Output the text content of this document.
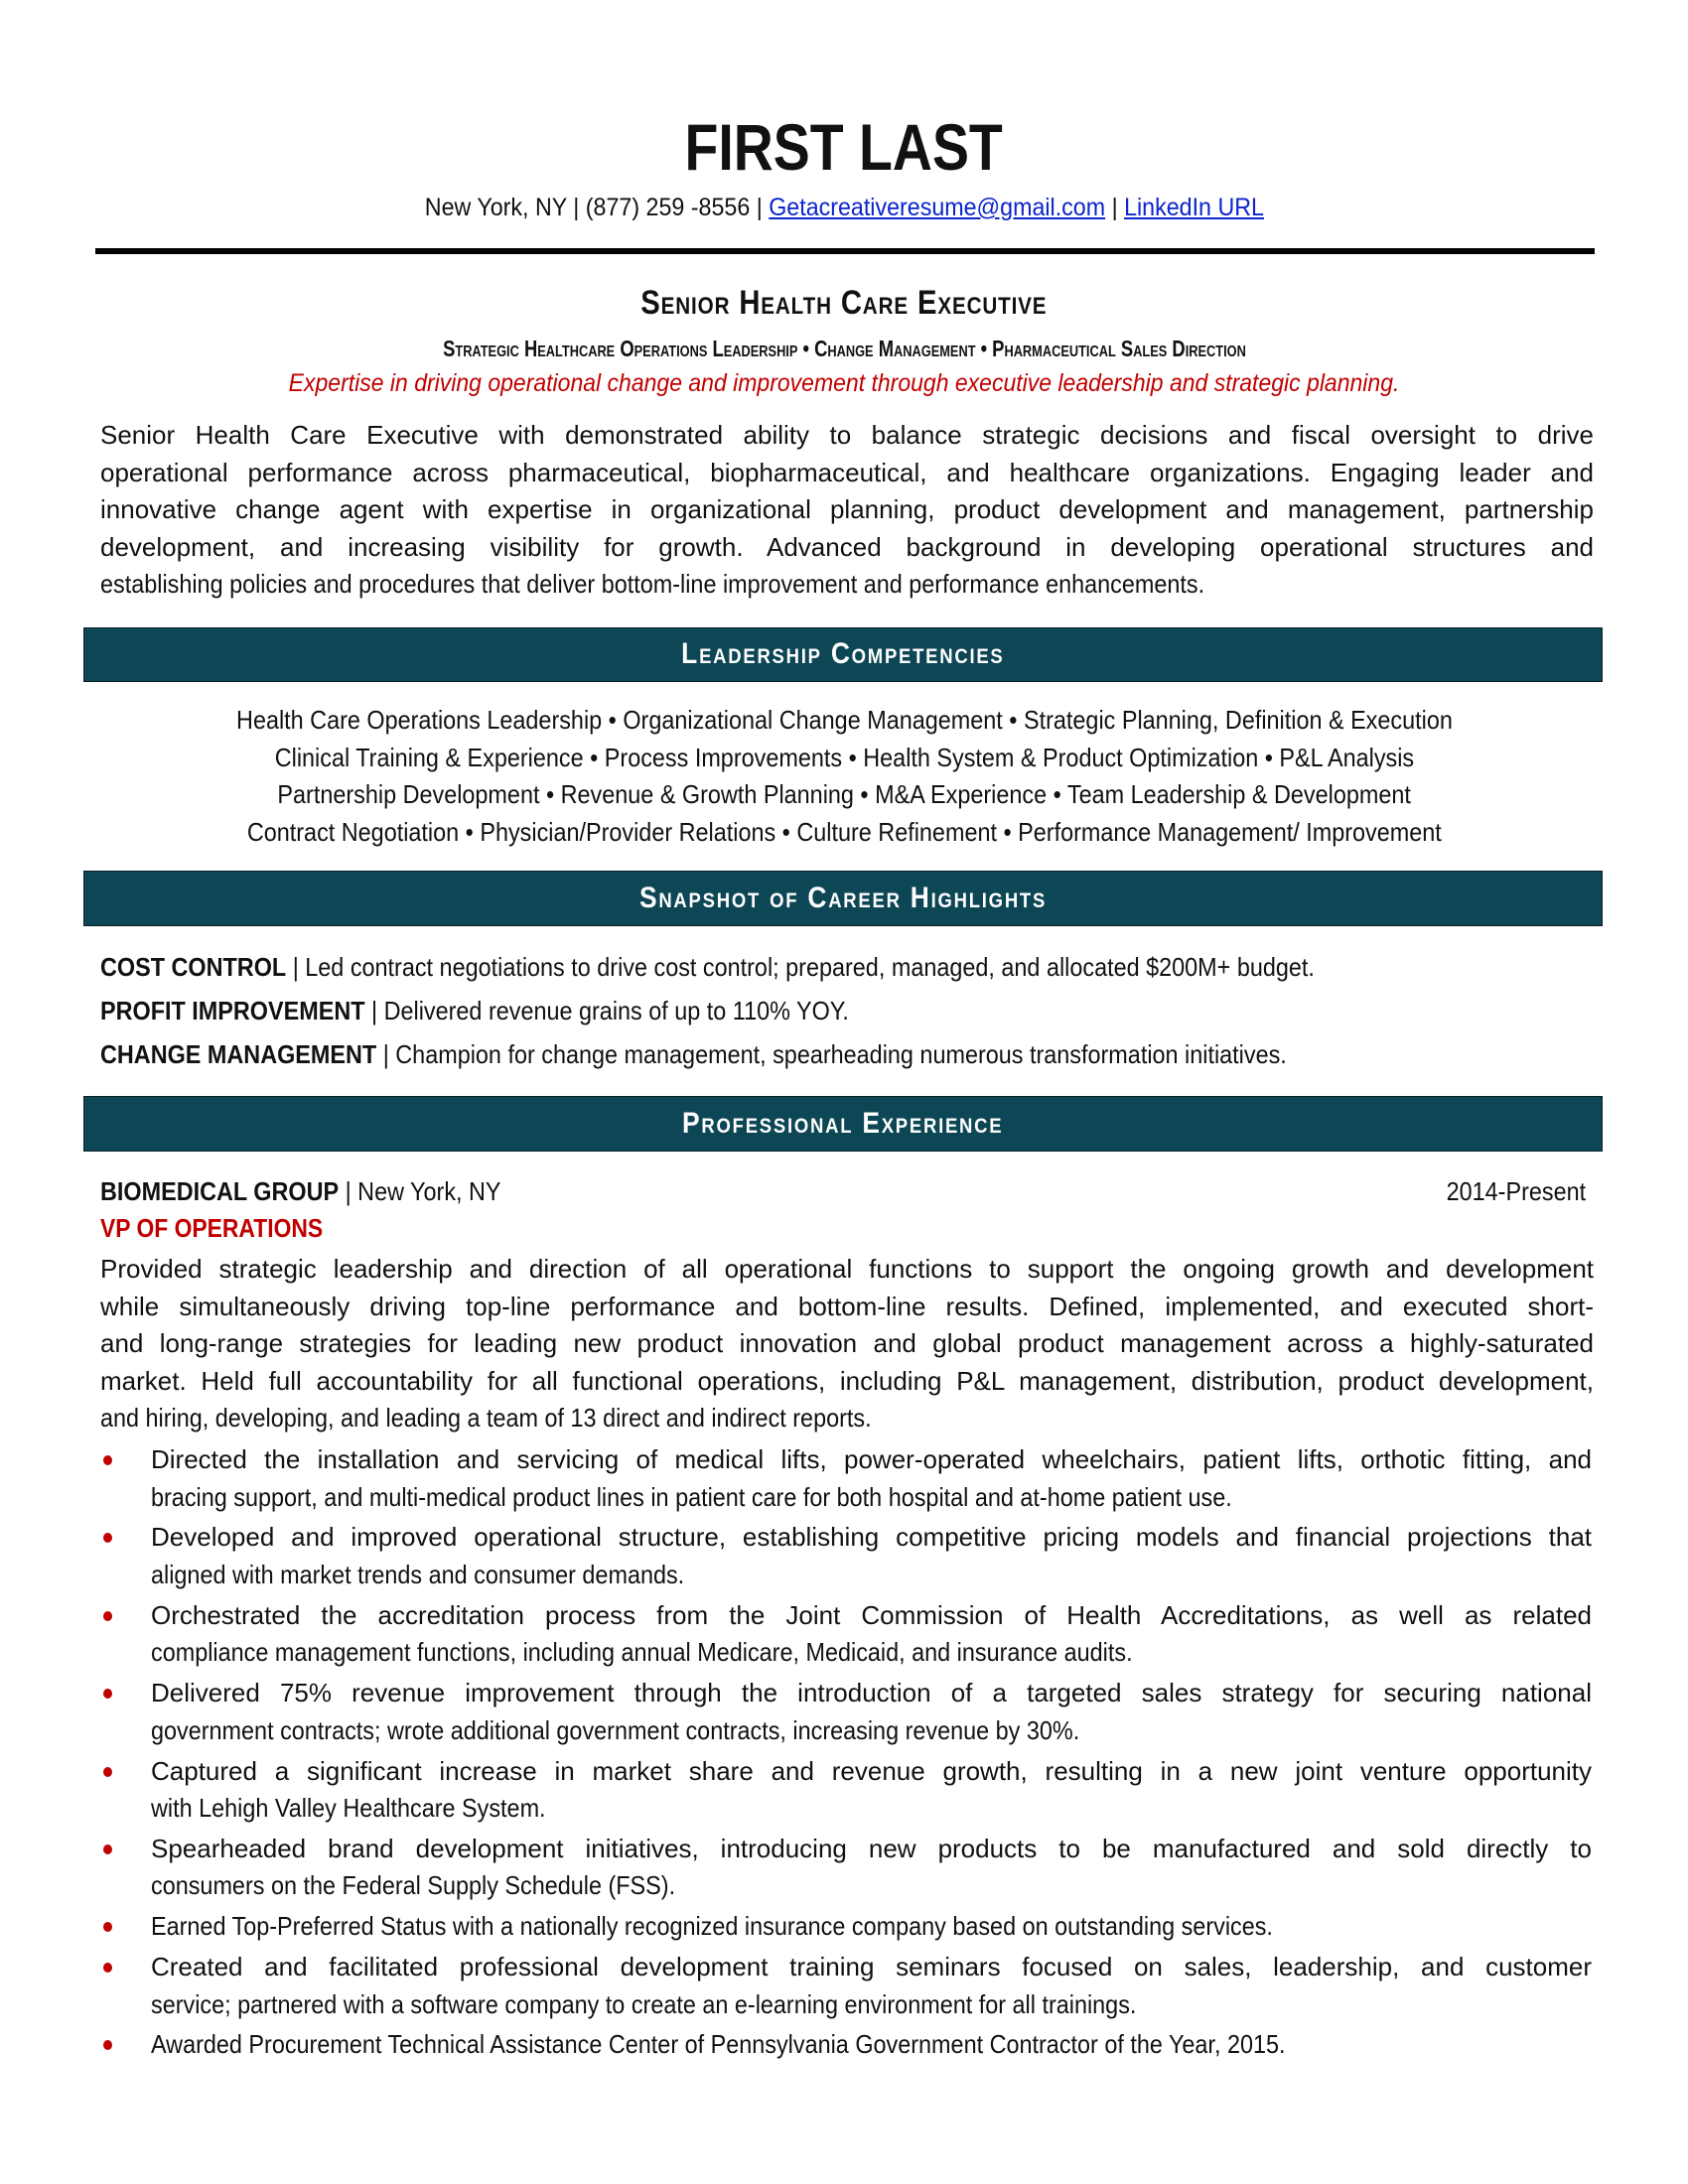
FIRST LAST
New York, NY | (877) 259 -8556 | Getacreativeresume@gmail.com | LinkedIn URL
Senior Health Care Executive
Strategic Healthcare Operations Leadership • Change Management • Pharmaceutical Sales Direction
Expertise in driving operational change and improvement through executive leadership and strategic planning.
Senior Health Care Executive with demonstrated ability to balance strategic decisions and fiscal oversight to drive
operational performance across pharmaceutical, biopharmaceutical, and healthcare organizations. Engaging leader and
innovative change agent with expertise in organizational planning, product development and management, partnership
development, and increasing visibility for growth. Advanced background in developing operational structures and
establishing policies and procedures that deliver bottom-line improvement and performance enhancements.
Leadership Competencies
Health Care Operations Leadership • Organizational Change Management • Strategic Planning, Definition & Execution
Clinical Training & Experience • Process Improvements • Health System & Product Optimization • P&L Analysis
Partnership Development • Revenue & Growth Planning • M&A Experience • Team Leadership & Development
Contract Negotiation • Physician/Provider Relations • Culture Refinement • Performance Management/ Improvement
Snapshot of Career Highlights
COST CONTROL | Led contract negotiations to drive cost control; prepared, managed, and allocated $200M+ budget.
PROFIT IMPROVEMENT | Delivered revenue grains of up to 110% YOY.
CHANGE MANAGEMENT | Champion for change management, spearheading numerous transformation initiatives.
Professional Experience
BIOMEDICAL GROUP | New York, NY	2014-Present
VP OF OPERATIONS
Provided strategic leadership and direction of all operational functions to support the ongoing growth and development
while simultaneously driving top-line performance and bottom-line results. Defined, implemented, and executed short-
and long-range strategies for leading new product innovation and global product management across a highly-saturated
market. Held full accountability for all functional operations, including P&L management, distribution, product development,
and hiring, developing, and leading a team of 13 direct and indirect reports.
Directed the installation and servicing of medical lifts, power-operated wheelchairs, patient lifts, orthotic fitting, and
bracing support, and multi-medical product lines in patient care for both hospital and at-home patient use.
Developed and improved operational structure, establishing competitive pricing models and financial projections that
aligned with market trends and consumer demands.
Orchestrated the accreditation process from the Joint Commission of Health Accreditations, as well as related
compliance management functions, including annual Medicare, Medicaid, and insurance audits.
Delivered 75% revenue improvement through the introduction of a targeted sales strategy for securing national
government contracts; wrote additional government contracts, increasing revenue by 30%.
Captured a significant increase in market share and revenue growth, resulting in a new joint venture opportunity
with Lehigh Valley Healthcare System.
Spearheaded brand development initiatives, introducing new products to be manufactured and sold directly to
consumers on the Federal Supply Schedule (FSS).
Earned Top-Preferred Status with a nationally recognized insurance company based on outstanding services.
Created and facilitated professional development training seminars focused on sales, leadership, and customer
service; partnered with a software company to create an e-learning environment for all trainings.
Awarded Procurement Technical Assistance Center of Pennsylvania Government Contractor of the Year, 2015.
